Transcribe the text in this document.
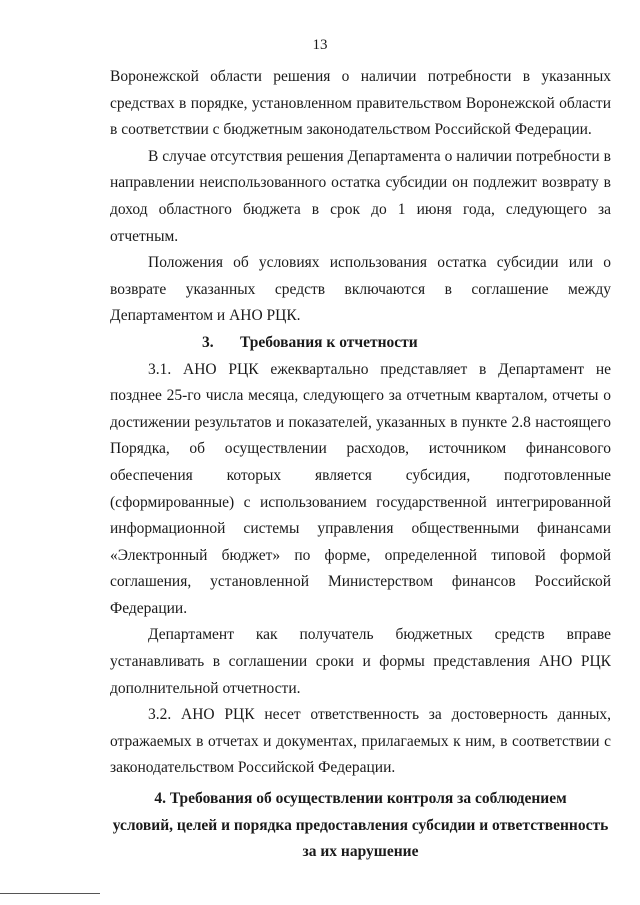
13

Воронежской области решения о наличии потребности в указанных средствах в порядке, установленном правительством Воронежской области в соответствии с бюджетным законодательством Российской Федерации.

В случае отсутствия решения Департамента о наличии потребности в направлении неиспользованного остатка субсидии он подлежит возврату в доход областного бюджета в срок до 1 июня года, следующего за отчетным.

Положения об условиях использования остатка субсидии или о возврате указанных средств включаются в соглашение между Департаментом и АНО РЦК.

3. Требования к отчетности

3.1. АНО РЦК ежеквартально представляет в Департамент не позднее 25-го числа месяца, следующего за отчетным кварталом, отчеты о достижении результатов и показателей, указанных в пункте 2.8 настоящего Порядка, об осуществлении расходов, источником финансового обеспечения которых является субсидия, подготовленные (сформированные) с использованием государственной интегрированной информационной системы управления общественными финансами «Электронный бюджет» по форме, определенной типовой формой соглашения, установленной Министерством финансов Российской Федерации.

Департамент как получатель бюджетных средств вправе устанавливать в соглашении сроки и формы представления АНО РЦК дополнительной отчетности.

3.2. АНО РЦК несет ответственность за достоверность данных, отражаемых в отчетах и документах, прилагаемых к ним, в соответствии с законодательством Российской Федерации.

4. Требования об осуществлении контроля за соблюдением
условий, целей и порядка предоставления субсидии и ответственность
за их нарушение
